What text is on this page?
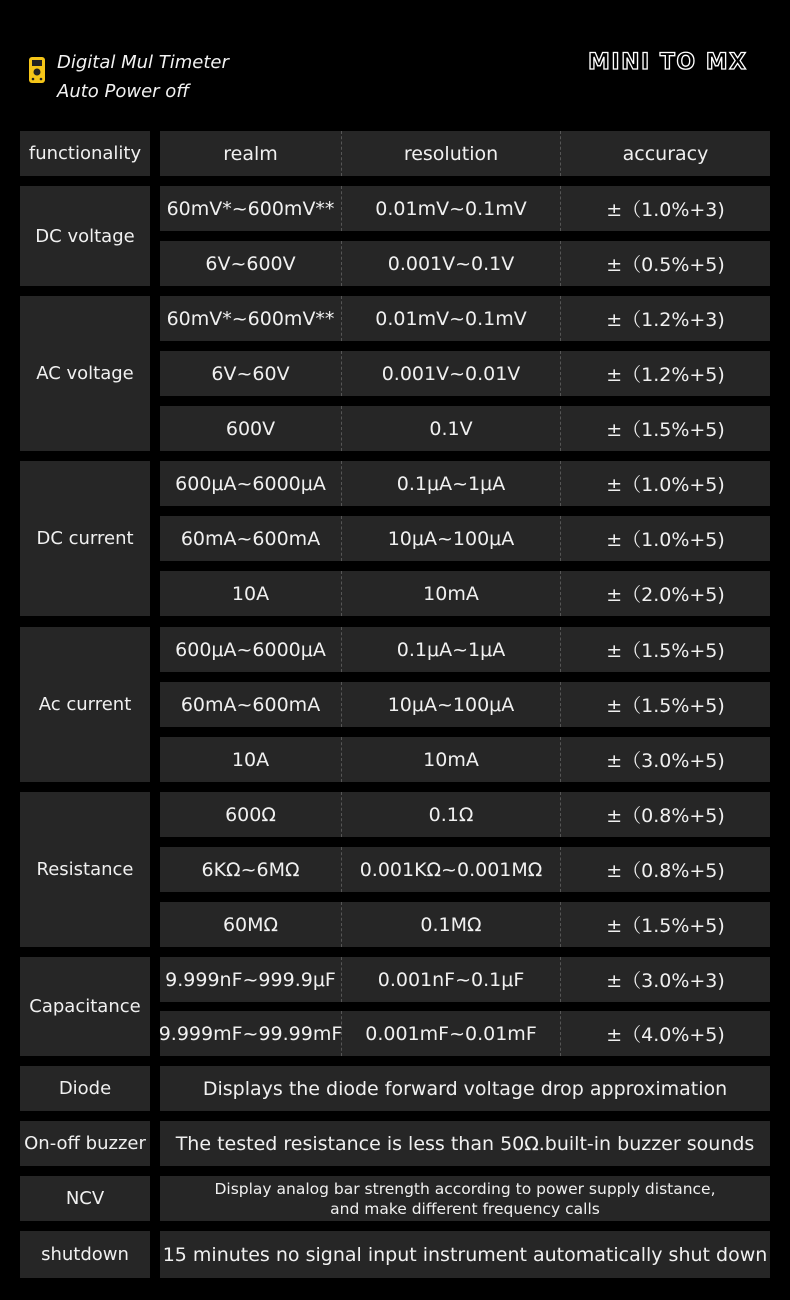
Digital Mul Timeter
Auto Power off
MINI TO MX
functionality	realm	resolution	accuracy
DC voltage
60mV*~600mV**	0.01mV~0.1mV	±（1.0%+3)
6V~600V	0.001V~0.1V	±（0.5%+5)
AC voltage
60mV*~600mV**	0.01mV~0.1mV	±（1.2%+3)
6V~60V	0.001V~0.01V	±（1.2%+5)
600V	0.1V	±（1.5%+5)
DC current
600μA~6000μA	0.1μA~1μA	±（1.0%+5)
60mA~600mA	10μA~100μA	±（1.0%+5)
10A	10mA	±（2.0%+5)
Ac current
600μA~6000μA	0.1μA~1μA	±（1.5%+5)
60mA~600mA	10μA~100μA	±（1.5%+5)
10A	10mA	±（3.0%+5)
Resistance
600Ω	0.1Ω	±（0.8%+5)
6KΩ~6MΩ	0.001KΩ~0.001MΩ	±（0.8%+5)
60MΩ	0.1MΩ	±（1.5%+5)
Capacitance
9.999nF~999.9μF	0.001nF~0.1μF	±（3.0%+3)
9.999mF~99.99mF	0.001mF~0.01mF	±（4.0%+5)
Diode	Displays the diode forward voltage drop approximation
On-off buzzer	The tested resistance is less than 50Ω.built-in buzzer sounds
NCV	Display analog bar strength according to power supply distance,
and make different frequency calls
shutdown	15 minutes no signal input instrument automatically shut down
